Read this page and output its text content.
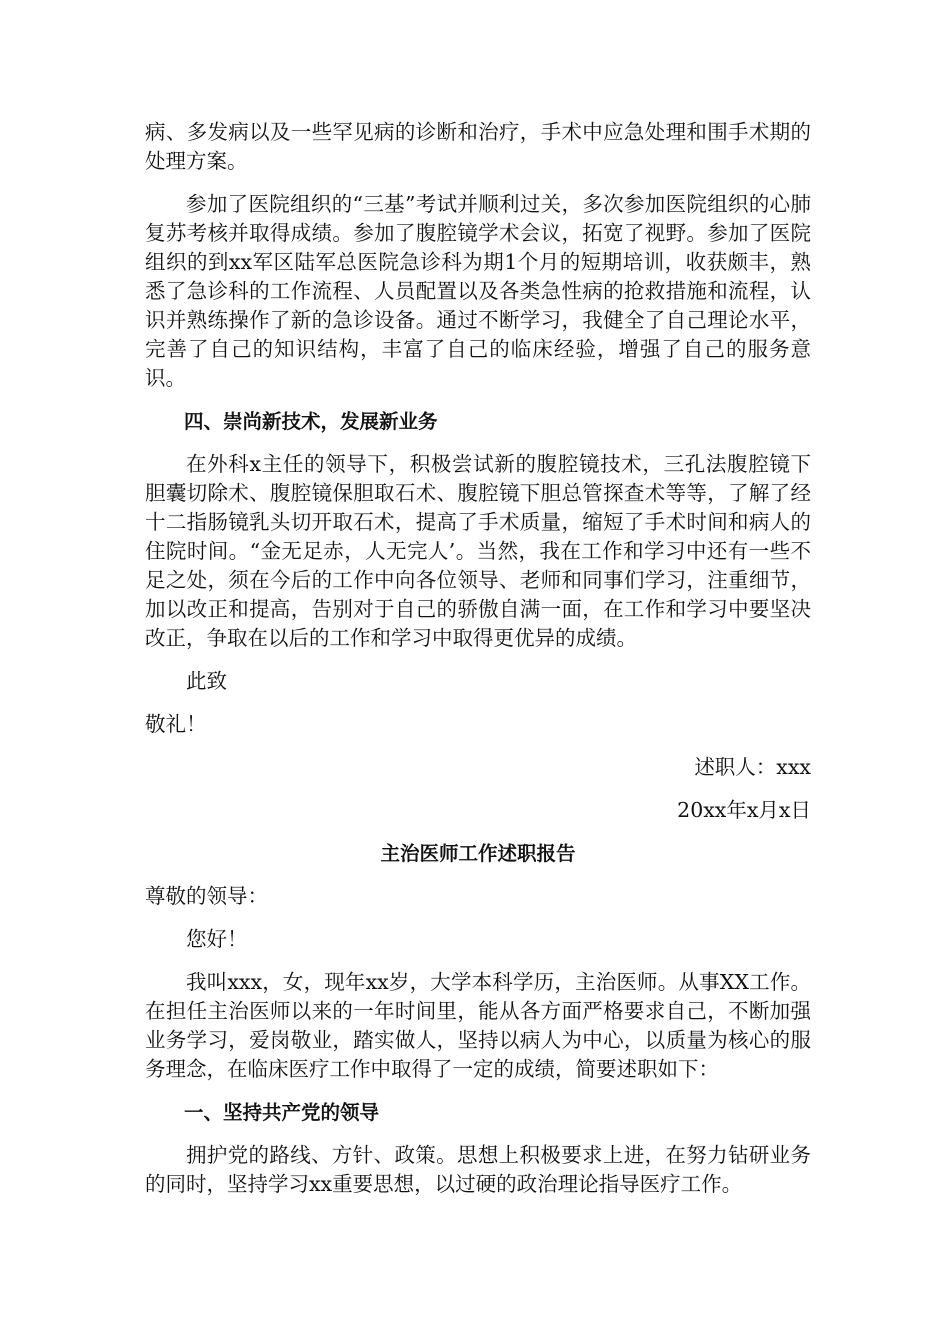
病、多发病以及一些罕见病的诊断和治疗，手术中应急处理和围手术期的处理方案。

参加了医院组织的“三基”考试并顺利过关，多次参加医院组织的心肺复苏考核并取得成绩。参加了腹腔镜学术会议，拓宽了视野。参加了医院组织的到xx军区陆军总医院急诊科为期1个月的短期培训，收获颇丰，熟悉了急诊科的工作流程、人员配置以及各类急性病的抢救措施和流程，认识并熟练操作了新的急诊设备。通过不断学习，我健全了自己理论水平，完善了自己的知识结构，丰富了自己的临床经验，增强了自己的服务意识。

四、崇尚新技术，发展新业务

在外科x主任的领导下，积极尝试新的腹腔镜技术，三孔法腹腔镜下胆囊切除术、腹腔镜保胆取石术、腹腔镜下胆总管探查术等等，了解了经十二指肠镜乳头切开取石术，提高了手术质量，缩短了手术时间和病人的住院时间。“金无足赤，人无完人’。当然，我在工作和学习中还有一些不足之处，须在今后的工作中向各位领导、老师和同事们学习，注重细节，加以改正和提高，告别对于自己的骄傲自满一面，在工作和学习中要坚决改正，争取在以后的工作和学习中取得更优异的成绩。

此致

敬礼！

述职人：xxx

20xx年x月x日

主治医师工作述职报告

尊敬的领导：

您好！

我叫xxx，女，现年xx岁，大学本科学历，主治医师。从事XX工作。在担任主治医师以来的一年时间里，能从各方面严格要求自己，不断加强业务学习，爱岗敬业，踏实做人，坚持以病人为中心，以质量为核心的服务理念，在临床医疗工作中取得了一定的成绩，简要述职如下：

一、坚持共产党的领导

拥护党的路线、方针、政策。思想上积极要求上进，在努力钻研业务的同时，坚持学习xx重要思想，以过硬的政治理论指导医疗工作。
